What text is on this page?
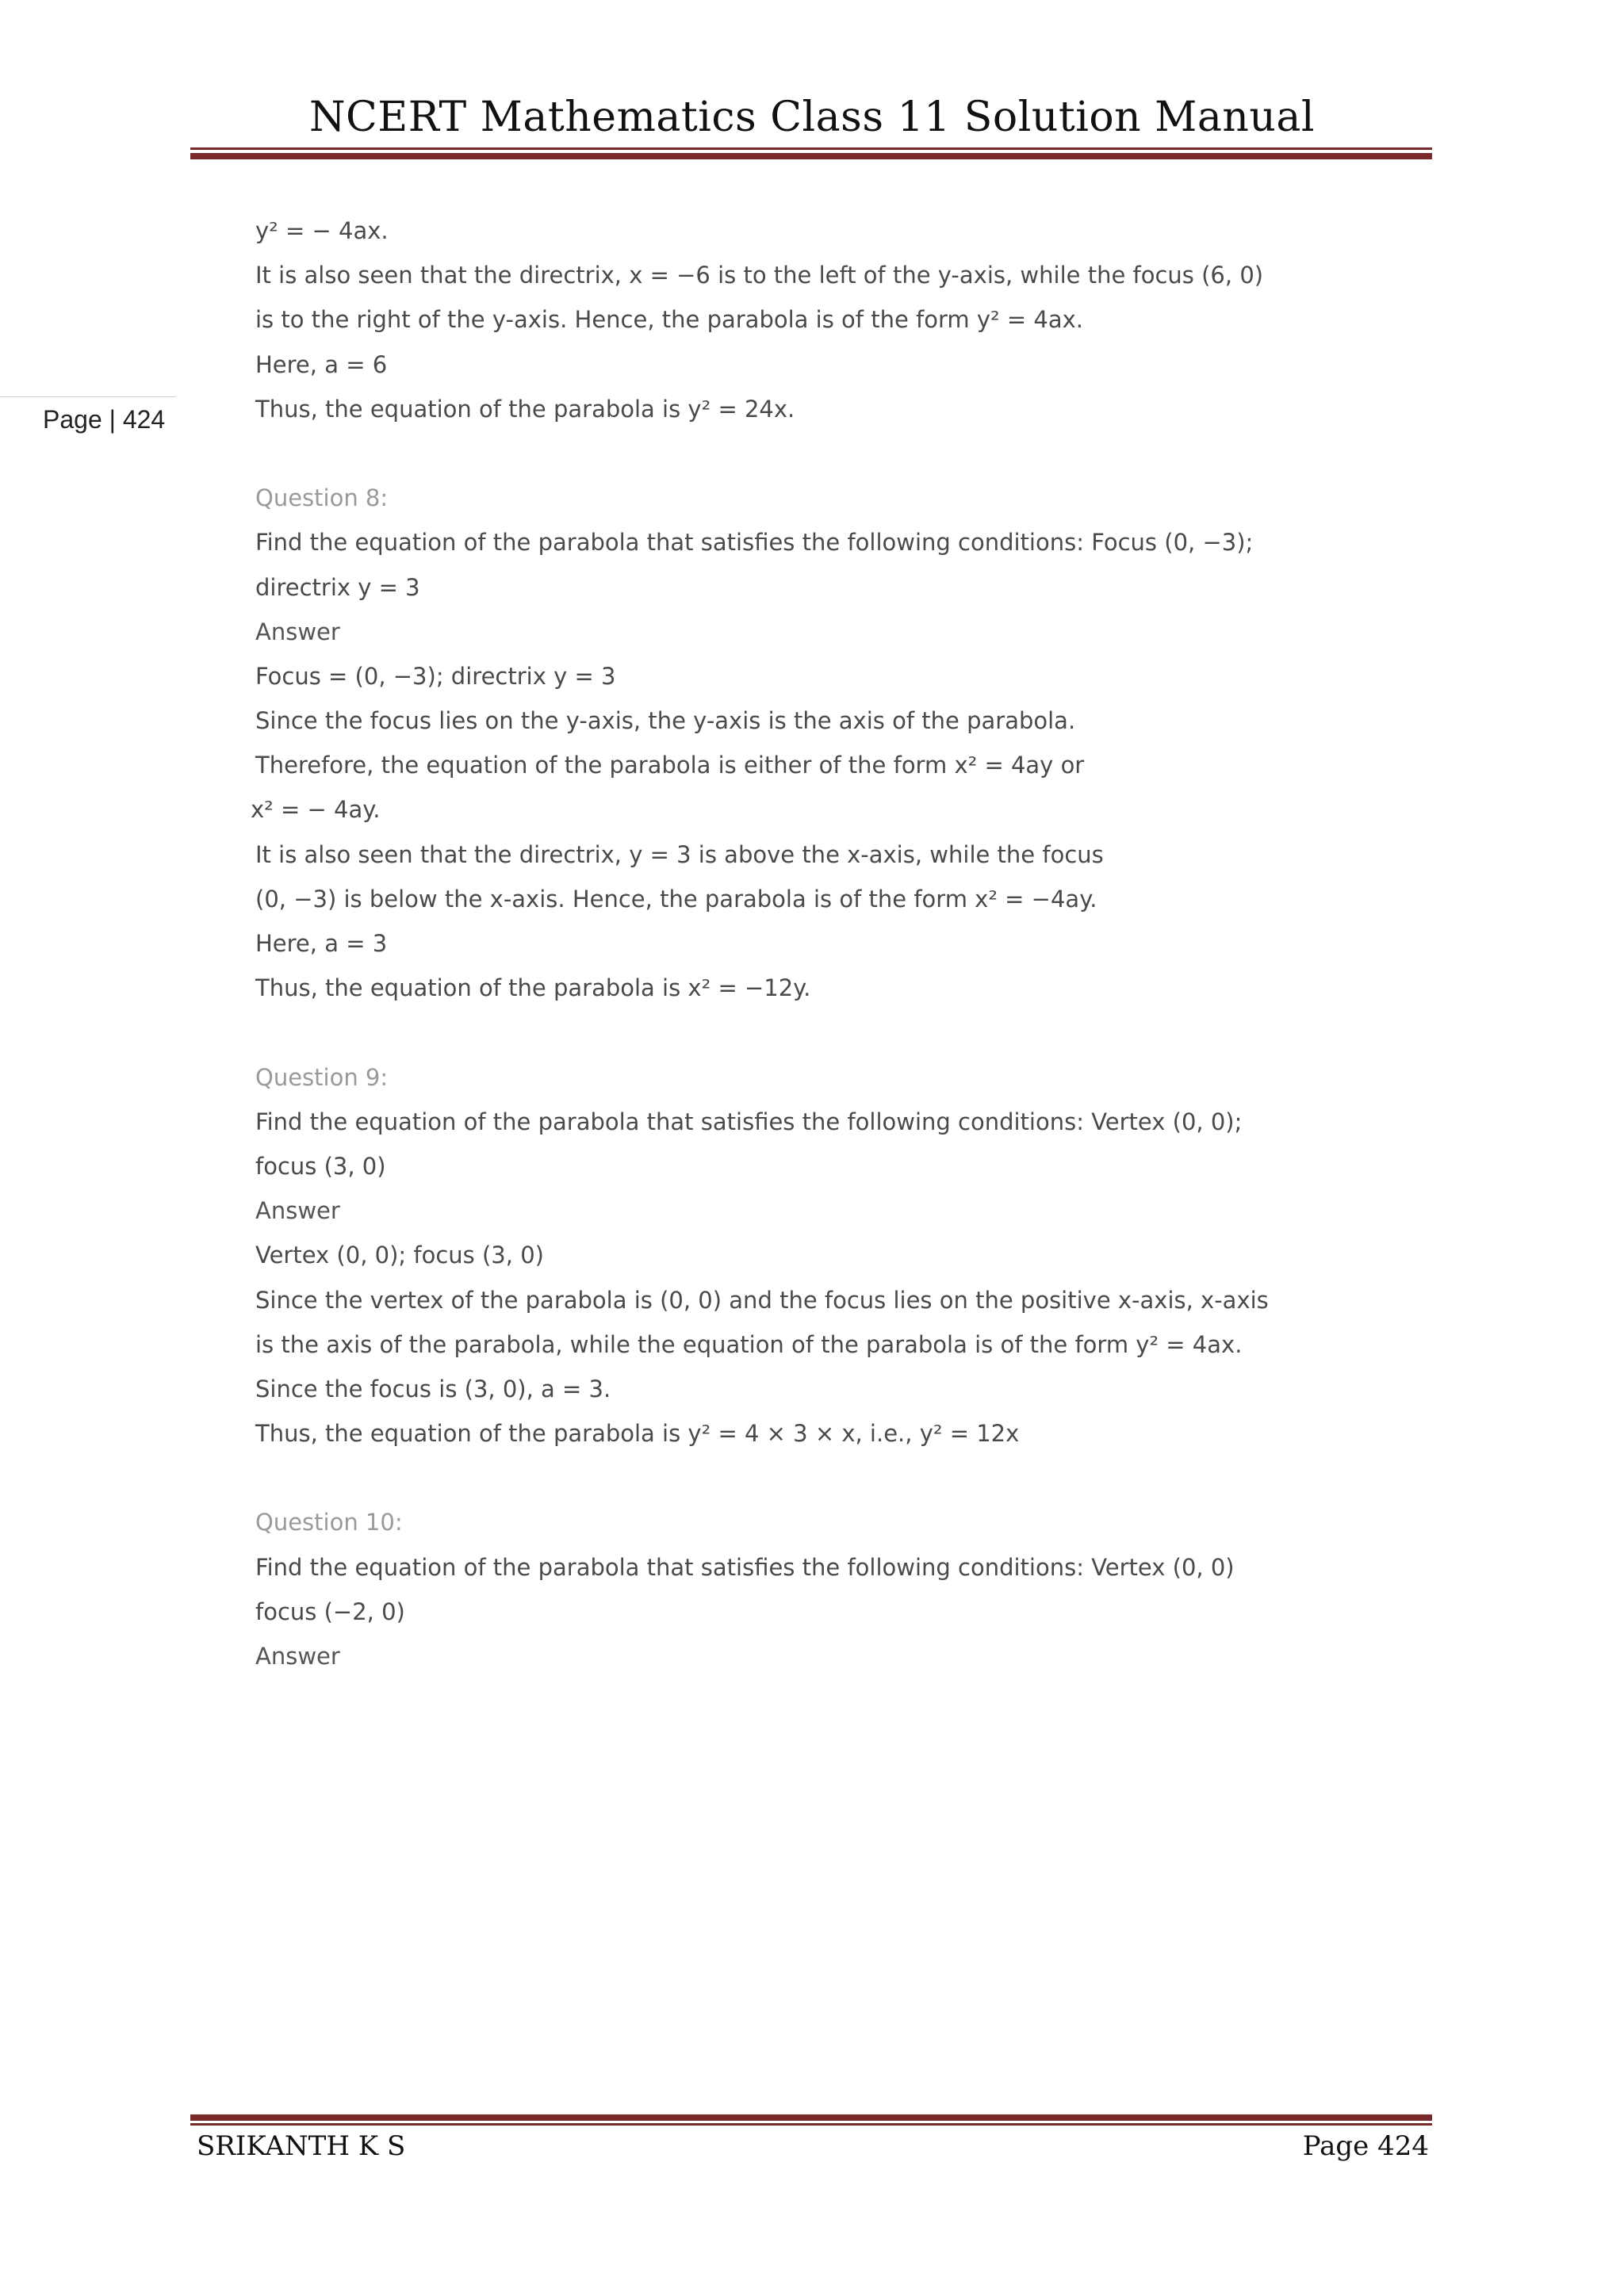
NCERT Mathematics Class 11 Solution Manual
Page | 424
y² = − 4ax.
It is also seen that the directrix, x = −6 is to the left of the y-axis, while the focus (6, 0)
is to the right of the y-axis. Hence, the parabola is of the form y² = 4ax.
Here, a = 6
Thus, the equation of the parabola is y² = 24x.
Question 8:
Find the equation of the parabola that satisfies the following conditions: Focus (0, −3);
directrix y = 3
Answer
Focus = (0, −3); directrix y = 3
Since the focus lies on the y-axis, the y-axis is the axis of the parabola.
Therefore, the equation of the parabola is either of the form x² = 4ay or
x² = − 4ay.
It is also seen that the directrix, y = 3 is above the x-axis, while the focus
(0, −3) is below the x-axis. Hence, the parabola is of the form x² = −4ay.
Here, a = 3
Thus, the equation of the parabola is x² = −12y.
Question 9:
Find the equation of the parabola that satisfies the following conditions: Vertex (0, 0);
focus (3, 0)
Answer
Vertex (0, 0); focus (3, 0)
Since the vertex of the parabola is (0, 0) and the focus lies on the positive x-axis, x-axis
is the axis of the parabola, while the equation of the parabola is of the form y² = 4ax.
Since the focus is (3, 0), a = 3.
Thus, the equation of the parabola is y² = 4 × 3 × x, i.e., y² = 12x
Question 10:
Find the equation of the parabola that satisfies the following conditions: Vertex (0, 0)
focus (−2, 0)
Answer
SRIKANTH K S	Page 424
